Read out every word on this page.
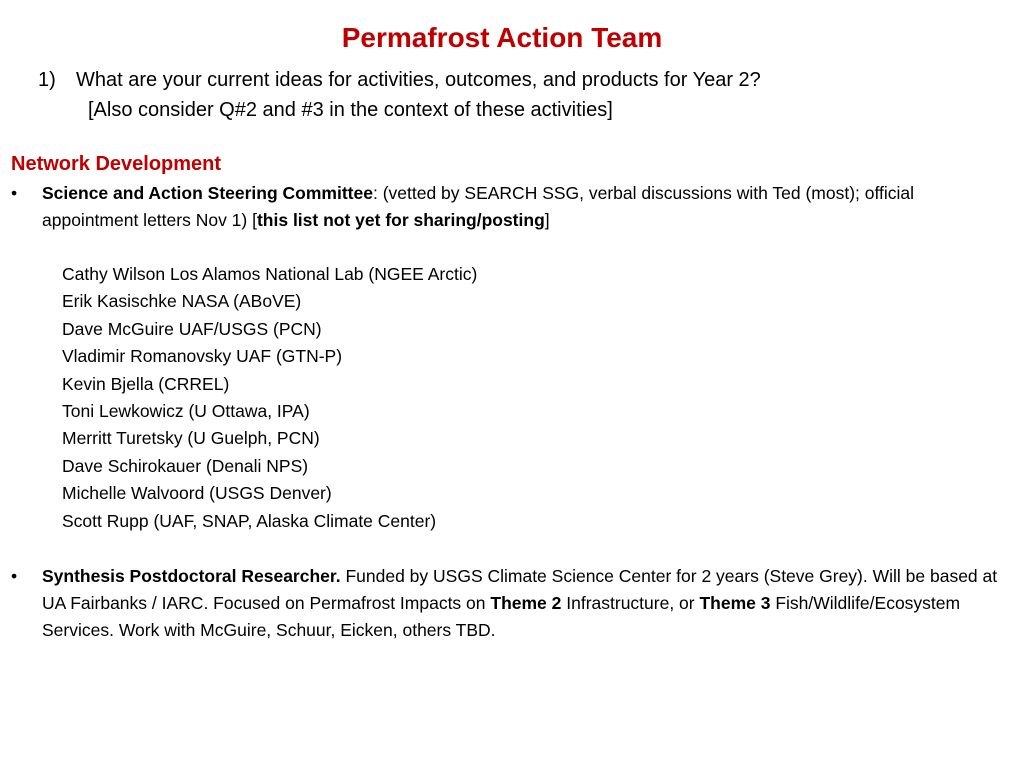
Permafrost Action Team
1) What are your current ideas for activities, outcomes, and products for Year 2?
[Also consider Q#2 and #3 in the context of these activities]
Network Development
• Science and Action Steering Committee: (vetted by SEARCH SSG, verbal discussions with Ted (most); official appointment letters Nov 1) [this list not yet for sharing/posting]
Cathy Wilson Los Alamos National Lab (NGEE Arctic)
Erik Kasischke NASA (ABoVE)
Dave McGuire UAF/USGS (PCN)
Vladimir Romanovsky UAF (GTN-P)
Kevin Bjella (CRREL)
Toni Lewkowicz (U Ottawa, IPA)
Merritt Turetsky (U Guelph, PCN)
Dave Schirokauer (Denali NPS)
Michelle Walvoord (USGS Denver)
Scott Rupp (UAF, SNAP, Alaska Climate Center)
• Synthesis Postdoctoral Researcher. Funded by USGS Climate Science Center for 2 years (Steve Grey). Will be based at UA Fairbanks / IARC. Focused on Permafrost Impacts on Theme 2 Infrastructure, or Theme 3 Fish/Wildlife/Ecosystem Services. Work with McGuire, Schuur, Eicken, others TBD.
